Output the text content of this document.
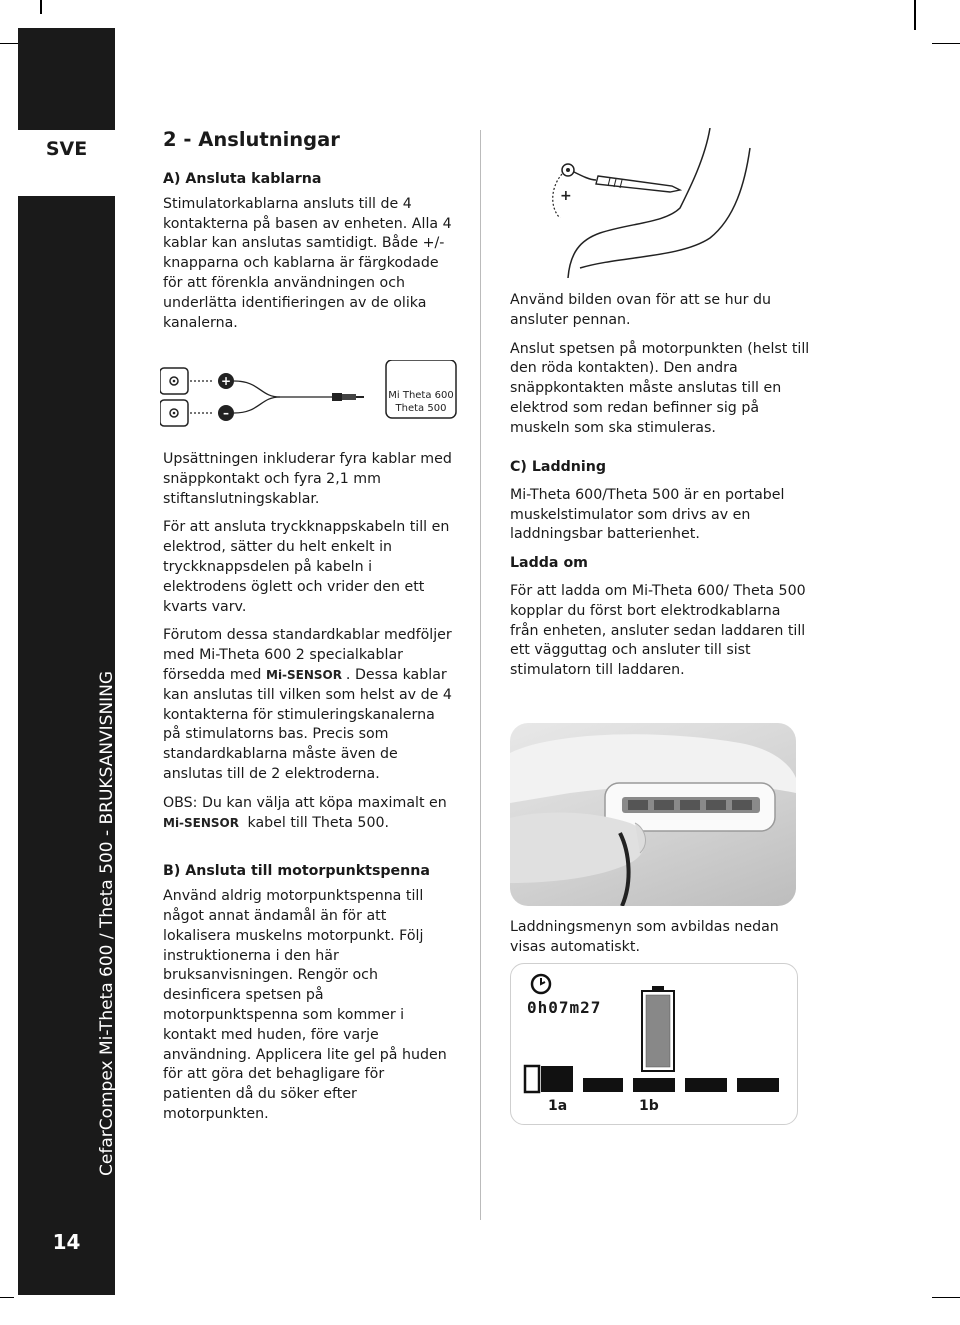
SVE
CefarCompex Mi-Theta 600 / Theta 500 - BRUKSANVISNING
14
2 - Anslutningar
A) Ansluta kablarna

Stimulatorkablarna ansluts till de 4 kontakterna på basen av enheten. Alla 4 kablar kan anslutas samtidigt. Både +/- knapparna och kablarna är färgkodade för att förenkla användningen och underlätta identifieringen av de olika kanalerna.

+
–
Mi Theta 600
Theta 500

Upsättningen inkluderar fyra kablar med snäppkontakt och fyra 2,1 mm stiftanslutningskablar.

För att ansluta tryckknappskabeln till en elektrod, sätter du helt enkelt in tryckknappsdelen på kabeln i elektrodens öglett och vrider den ett kvarts varv.

Förutom dessa standardkablar medföljer med Mi-Theta 600 2 specialkablar försedda med Mi-SENSOR . Dessa kablar kan anslutas till vilken som helst av de 4 kontakterna för stimuleringskanalerna på stimulatorns bas. Precis som standardkablarna måste även de anslutas till de 2 elektroderna.

OBS: Du kan välja att köpa maximalt en
Mi-SENSOR kabel till Theta 500.

B) Ansluta till motorpunktspenna

Använd aldrig motorpunktspenna till något annat ändamål än för att lokalisera muskelns motorpunkt. Följ instruktionerna i den här bruksanvisningen. Rengör och desinficera spetsen på motorpunktspenna som kommer i kontakt med huden, före varje användning. Applicera lite gel på huden för att göra det behagligare för patienten då du söker efter motorpunkten.

+

Använd bilden ovan för att se hur du ansluter pennan.

Anslut spetsen på motorpunkten (helst till den röda kontakten). Den andra snäppkontakten måste anslutas till en elektrod som redan befinner sig på muskeln som ska stimuleras.

C) Laddning

Mi-Theta 600/Theta 500 är en portabel muskelstimulator som drivs av en laddningsbar batterienhet.

Ladda om

För att ladda om Mi-Theta 600/ Theta 500 kopplar du först bort elektrodkablarna från enheten, ansluter sedan laddaren till ett vägguttag och ansluter till sist stimulatorn till laddaren.

Laddningsmenyn som avbildas nedan visas automatiskt.
0h07m27
1a	1b
